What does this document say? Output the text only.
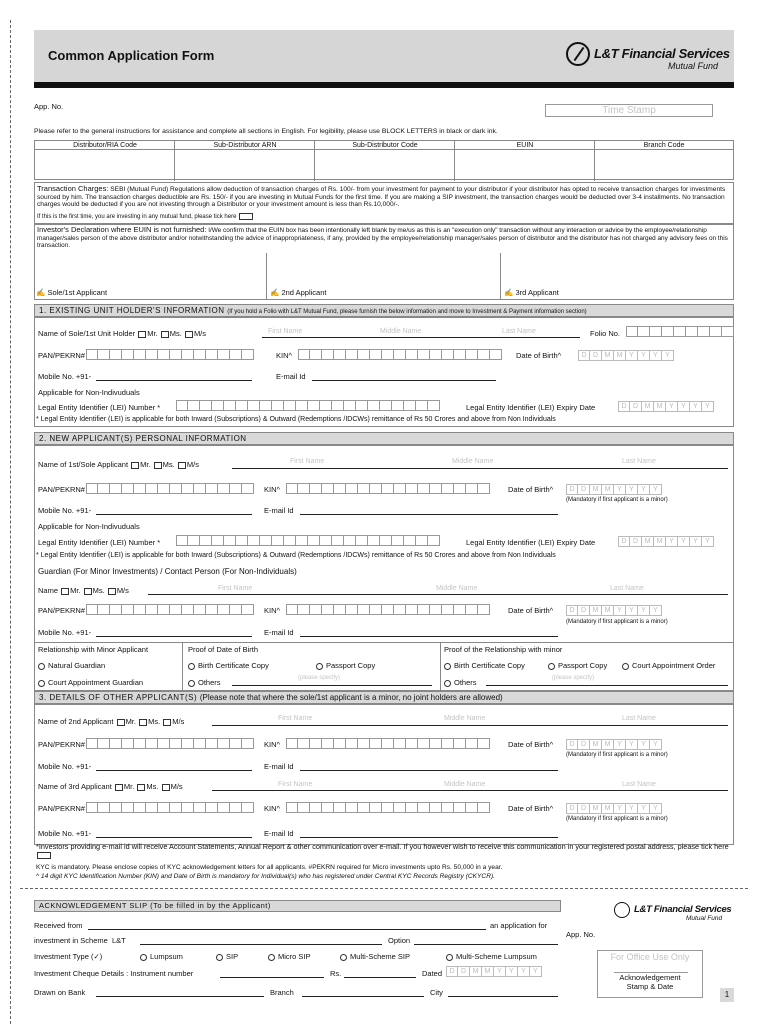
Common Application Form	L&T Financial Services
Mutual Fund
App. No.	Time Stamp
Please refer to the general instructions for assistance and complete all sections in English. For legibility, please use BLOCK LETTERS in black or dark ink.
Distributor/RIA Code	Sub-Distributor ARN	Sub-Distributor Code	EUIN	Branch Code
Transaction Charges: SEBI (Mutual Fund) Regulations allow deduction of transaction charges of Rs. 100/- from your investment for payment to your distributor if your distributor has opted to receive transaction charges for investments sourced by him. The transaction charges deductible are Rs. 150/- if you are investing in Mutual Funds for the first time. If you are making a SIP investment, the transaction charges would be deducted over 3-4 installments. No transaction charges would be deducted if you are not investing through a Distributor or your investment amount is less than Rs.10,000/-.
If this is the first time, you are investing in any mutual fund, please tick here
Investor's Declaration where EUIN is not furnished: I/We confirm that the EUIN box has been intentionally left blank by me/us as this is an "execution only" transaction without any interaction or advice by the employee/relationship manager/sales person of the above distributor and/or notwithstanding the advice of inappropriateness, if any, provided by the employee/relationship manager/sales person of distributor and the distributor has not charged any advisory fees on this transaction.
✍ Sole/1st Applicant	✍ 2nd Applicant	✍ 3rd Applicant
1. EXISTING UNIT HOLDER'S INFORMATION (If you hold a Folio with L&T Mutual Fund, please furnish the below information and move to Investment & Payment information section)
Name of Sole/1st Unit Holder Mr. Ms. M/s	First Name	Middle Name	Last Name	Folio No.
PAN/PEKRN#	KIN^	Date of Birth^	D D M M Y	Y	Y	Y
Mobile No. +91-	E-mail Id
Applicable for Non-Indivuduals
Legal Entity Identifier (LEI) Number *	Legal Entity Identifier (LEI) Expiry Date	D D M M Y	Y	Y	Y
* Legal Entity Identifier (LEI) is applicable for both Inward (Subscriptions) & Outward (Redemptions /IDCWs) remittance of Rs 50 Crores and above from Non Individuals
2. NEW APPLICANT(S) PERSONAL INFORMATION
Name of 1st/Sole Applicant Mr. Ms. M/s	First Name	Middle Name	Last Name
PAN/PEKRN#	KIN^	Date of Birth^	D D M M Y	Y	Y	Y
(Mandatory if first applicant is a minor)
Mobile No. +91-	E-mail Id
Applicable for Non-Indivuduals
Legal Entity Identifier (LEI) Number *	Legal Entity Identifier (LEI) Expiry Date	D D M M Y	Y	Y	Y
* Legal Entity Identifier (LEI) is applicable for both Inward (Subscriptions) & Outward (Redemptions /IDCWs) remittance of Rs 50 Crores and above from Non Individuals
Guardian (For Minor Investments) / Contact Person (For Non-Individuals)
Name Mr. Ms. M/s	First Name	Middle Name	Last Name
PAN/PEKRN#	KIN^	Date of Birth^	D D M M Y	Y	Y	Y
(Mandatory if first applicant is a minor)
Mobile No. +91-	E-mail Id
Relationship with Minor Applicant
Natural Guardian
Court Appointment Guardian
Proof of Date of Birth
Birth Certificate Copy	Passport Copy
Others	(please specify)
Proof of the Relationship with minor
Birth Certificate Copy	Passport Copy	Court Appointment Order
Others	(please specify)
3. DETAILS OF OTHER APPLICANT(S) (Please note that where the sole/1st applicant is a minor, no joint holders are allowed)
Name of 2nd Applicant Mr. Ms. M/s	First Name	Middle Name	Last Name
PAN/PEKRN#	KIN^	Date of Birth^	D D M M Y	Y	Y	Y
(Mandatory if first applicant is a minor)
Mobile No. +91-	E-mail Id
Name of 3rd Applicant Mr. Ms. M/s	First Name	Middle Name	Last Name
PAN/PEKRN#	KIN^	Date of Birth^	D D M M Y	Y	Y	Y
(Mandatory if first applicant is a minor)
Mobile No. +91-	E-mail Id
*Investors providing e-mail id will receive Account Statements, Annual Report & other communication over e-mail. If you however wish to receive this communication in your registered postal address, please tick here
KYC is mandatory. Please enclose copies of KYC acknowledgement letters for all applicants. #PEKRN required for Micro investments upto Rs. 50,000 in a year.
^ 14 digit KYC Identification Number (KIN) and Date of Birth is mandatory for Individual(s) who has registered under Central KYC Records Registry (CKYCR).
ACKNOWLEDGEMENT SLIP (To be filled in by the Applicant)	L&T Financial Services
Mutual Fund
Received from	an application for
App. No.
investment in Scheme L&T	Option
Investment Type (✓)	Lumpsum	SIP	Micro SIP	Multi-Scheme SIP	Multi-Scheme Lumpsum
Investment Cheque Details : Instrument number	Rs.	Dated	D D M M Y	Y	Y	Y
Drawn on Bank	Branch	City
For Office Use Only
Acknowledgement
Stamp & Date
1
